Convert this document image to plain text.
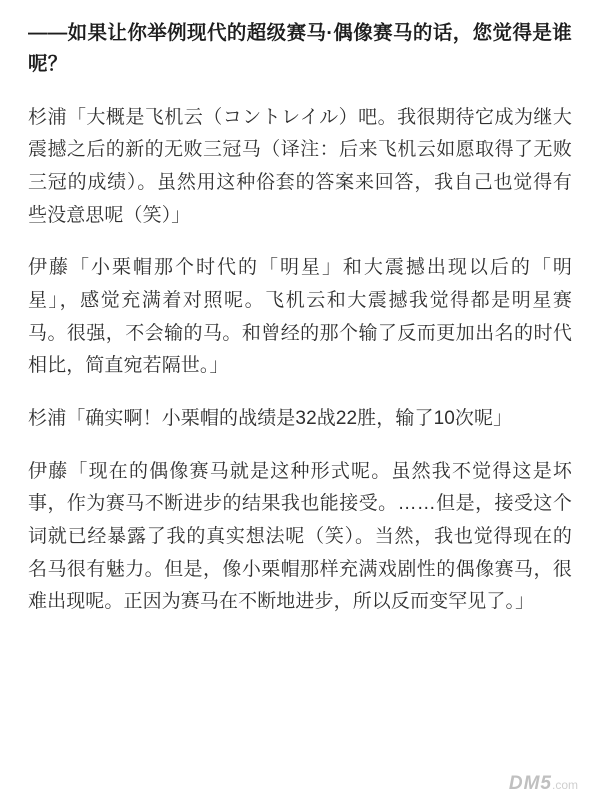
——如果让你举例现代的超级赛马·偶像赛马的话，您觉得是谁呢？

杉浦「大概是飞机云（コントレイル）吧。我很期待它成为继大震撼之后的新的无败三冠马（译注：后来飞机云如愿取得了无败三冠的成绩）。虽然用这种俗套的答案来回答，我自己也觉得有些没意思呢（笑）」

伊藤「小栗帽那个时代的「明星」和大震撼出现以后的「明星」，感觉充满着对照呢。飞机云和大震撼我觉得都是明星赛马。很强，不会输的马。和曾经的那个输了反而更加出名的时代相比，简直宛若隔世。」

杉浦「确实啊！小栗帽的战绩是32战22胜，输了10次呢」

伊藤「现在的偶像赛马就是这种形式呢。虽然我不觉得这是坏事，作为赛马不断进步的结果我也能接受。……但是，接受这个词就已经暴露了我的真实想法呢（笑）。当然，我也觉得现在的名马很有魅力。但是，像小栗帽那样充满戏剧性的偶像赛马，很难出现呢。正因为赛马在不断地进步，所以反而变罕见了。」

DM5.com
